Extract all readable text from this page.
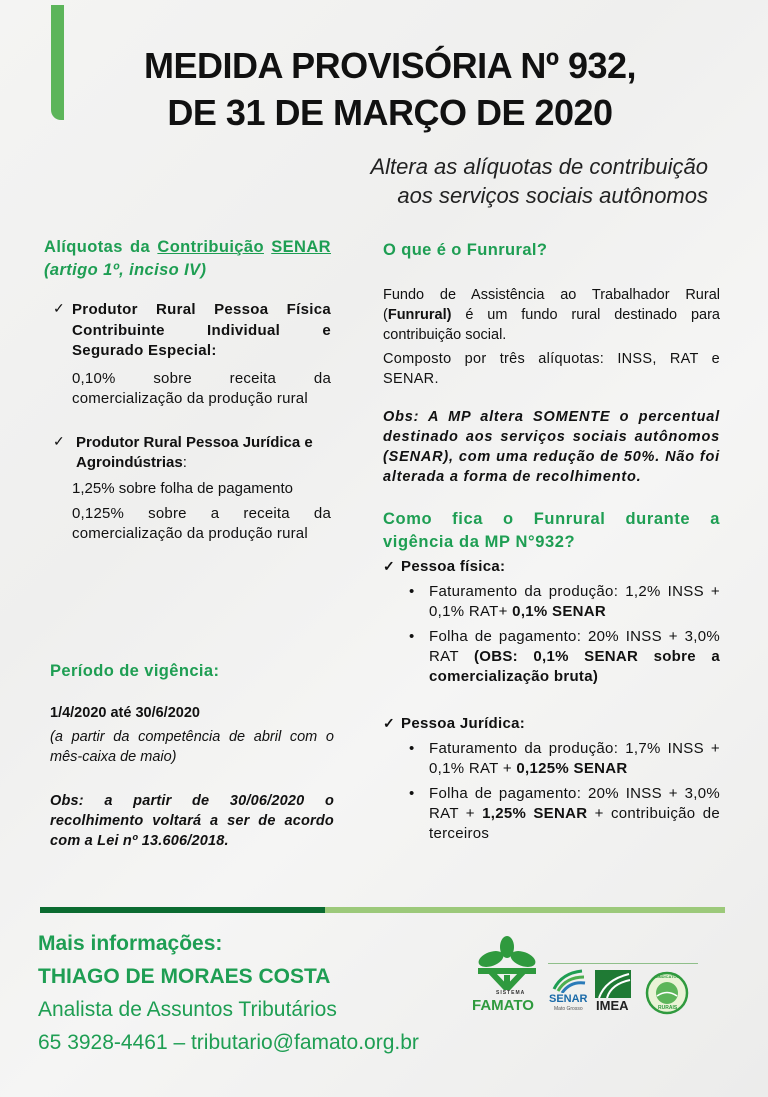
MEDIDA PROVISÓRIA Nº 932,
DE 31 DE MARÇO DE 2020
Altera as alíquotas de contribuição
aos serviços sociais autônomos
Alíquotas da Contribuição SENAR (artigo 1º, inciso IV)
✓ Produtor Rural Pessoa Física Contribuinte Individual e Segurado Especial:
0,10% sobre receita da comercialização da produção rural
✓ Produtor Rural Pessoa Jurídica e Agroindústrias:
1,25% sobre folha de pagamento
0,125% sobre a receita da comercialização da produção rural
Período de vigência:
1/4/2020 até 30/6/2020
(a partir da competência de abril com o mês-caixa de maio)
Obs: a partir de 30/06/2020 o recolhimento voltará a ser de acordo com a Lei nº 13.606/2018.
O que é o Funrural?
Fundo de Assistência ao Trabalhador Rural (Funrural) é um fundo rural destinado para contribuição social.
Composto por três alíquotas: INSS, RAT e SENAR.
Obs: A MP altera SOMENTE o percentual destinado aos serviços sociais autônomos (SENAR), com uma redução de 50%. Não foi alterada a forma de recolhimento.
Como fica o Funrural durante a vigência da MP N°932?
✓ Pessoa física:
• Faturamento da produção: 1,2% INSS + 0,1% RAT+ 0,1% SENAR
• Folha de pagamento: 20% INSS + 3,0% RAT (OBS: 0,1% SENAR sobre a comercialização bruta)
✓ Pessoa Jurídica:
• Faturamento da produção: 1,7% INSS + 0,1% RAT + 0,125% SENAR
• Folha de pagamento: 20% INSS + 3,0% RAT + 1,25% SENAR + contribuição de terceiros
Mais informações:
THIAGO DE MORAES COSTA
Analista de Assuntos Tributários
65 3928-4461 – tributario@famato.org.br
SISTEMA
FAMATO SENAR
Mato Grosso IMEA
SINDICATOS
RURAIS
